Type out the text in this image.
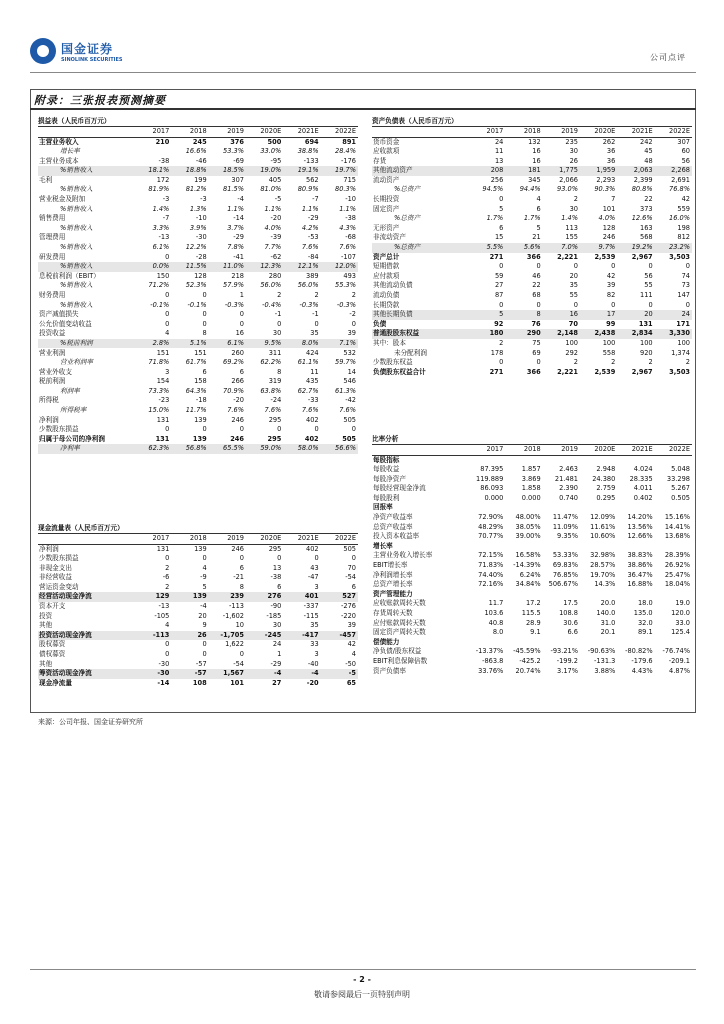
国金证券
SINOLINK SECURITIES	公司点评
附录：三张报表预测摘要
损益表（人民币百万元）
	2017	2018	2019	2020E	2021E	2022E
主营业务收入	210	245	376	500	694	891
增长率		16.6%	53.3%	33.0%	38.8%	28.4%
主营业务成本	-38	-46	-69	-95	-133	-176
%销售收入	18.1%	18.8%	18.5%	19.0%	19.1%	19.7%
毛利	172	199	307	405	562	715
%销售收入	81.9%	81.2%	81.5%	81.0%	80.9%	80.3%
营业税金及附加	-3	-3	-4	-5	-7	-10
%销售收入	1.4%	1.3%	1.1%	1.1%	1.1%	1.1%
销售费用	-7	-10	-14	-20	-29	-38
%销售收入	3.3%	3.9%	3.7%	4.0%	4.2%	4.3%
管理费用	-13	-30	-29	-39	-53	-68
%销售收入	6.1%	12.2%	7.8%	7.7%	7.6%	7.6%
研发费用	0	-28	-41	-62	-84	-107
%销售收入	0.0%	11.5%	11.0%	12.3%	12.1%	12.0%
息税前利润（EBIT）	150	128	218	280	389	493
%销售收入	71.2%	52.3%	57.9%	56.0%	56.0%	55.3%
财务费用	0	0	1	2	2	2
%销售收入	-0.1%	-0.1%	-0.3%	-0.4%	-0.3%	-0.3%
资产减值损失	0	0	0	-1	-1	-2
公允价值变动收益	0	0	0	0	0	0
投资收益	4	8	16	30	35	39
%税前利润	2.8%	5.1%	6.1%	9.5%	8.0%	7.1%
营业利润	151	151	260	311	424	532
营业利润率	71.8%	61.7%	69.2%	62.2%	61.1%	59.7%
营业外收支	3	6	6	8	11	14
税前利润	154	158	266	319	435	546
利润率	73.3%	64.3%	70.9%	63.8%	62.7%	61.3%
所得税	-23	-18	-20	-24	-33	-42
所得税率	15.0%	11.7%	7.6%	7.6%	7.6%	7.6%
净利润	131	139	246	295	402	505
少数股东损益	0	0	0	0	0	0
归属于母公司的净利润	131	139	246	295	402	505
净利率	62.3%	56.8%	65.5%	59.0%	58.0%	56.6%
现金流量表（人民币百万元）
	2017	2018	2019	2020E	2021E	2022E
净利润	131	139	246	295	402	505
少数股东损益	0	0	0	0	0	0
非现金支出	2	4	6	13	43	70
非经营收益	-6	-9	-21	-38	-47	-54
营运资金变动	2	5	8	6	3	6
经营活动现金净流	129	139	239	276	401	527
资本开支	-13	-4	-113	-90	-337	-276
投资	-105	20	-1,602	-185	-115	-220
其他	4	9	10	30	35	39
投资活动现金净流	-113	26	-1,705	-245	-417	-457
股权募资	0	0	1,622	24	33	42
债权募资	0	0	0	1	3	4
其他	-30	-57	-54	-29	-40	-50
筹资活动现金净流	-30	-57	1,567	-4	-4	-5
现金净流量	-14	108	101	27	-20	65
资产负债表（人民币百万元）
	2017	2018	2019	2020E	2021E	2022E
货币资金	24	132	235	262	242	307
应收款项	11	16	30	36	45	60
存货	13	16	26	36	48	56
其他流动资产	208	181	1,775	1,959	2,063	2,268
流动资产	256	345	2,066	2,293	2,399	2,691
%总资产	94.5%	94.4%	93.0%	90.3%	80.8%	76.8%
长期投资	0	4	2	7	22	42
固定资产	5	6	30	101	373	559
%总资产	1.7%	1.7%	1.4%	4.0%	12.6%	16.0%
无形资产	6	5	113	128	163	198
非流动资产	15	21	155	246	568	812
%总资产	5.5%	5.6%	7.0%	9.7%	19.2%	23.2%
资产总计	271	366	2,221	2,539	2,967	3,503
短期借款	0	0	0	0	0	0
应付款项	59	46	20	42	56	74
其他流动负债	27	22	35	39	55	73
流动负债	87	68	55	82	111	147
长期贷款	0	0	0	0	0	0
其他长期负债	5	8	16	17	20	24
负债	92	76	70	99	131	171
普通股股东权益	180	290	2,148	2,438	2,834	3,330
其中：股本	2	75	100	100	100	100
未分配利润	178	69	292	558	920	1,374
少数股东权益	0	0	2	2	2	2
负债股东权益合计	271	366	2,221	2,539	2,967	3,503
比率分析
	2017	2018	2019	2020E	2021E	2022E
每股指标						
每股收益	87.395	1.857	2.463	2.948	4.024	5.048
每股净资产	119.889	3.869	21.481	24.380	28.335	33.298
每股经营现金净流	86.093	1.858	2.390	2.759	4.011	5.267
每股股利	0.000	0.000	0.740	0.295	0.402	0.505
回报率						
净资产收益率	72.90%	48.00%	11.47%	12.09%	14.20%	15.16%
总资产收益率	48.29%	38.05%	11.09%	11.61%	13.56%	14.41%
投入资本收益率	70.77%	39.00%	9.35%	10.60%	12.66%	13.68%
增长率						
主营业务收入增长率	72.15%	16.58%	53.33%	32.98%	38.83%	28.39%
EBIT增长率	71.83%	-14.39%	69.83%	28.57%	38.86%	26.92%
净利润增长率	74.40%	6.24%	76.85%	19.70%	36.47%	25.47%
总资产增长率	72.16%	34.84%	506.67%	14.3%	16.88%	18.04%
资产管理能力						
应收账款周转天数	11.7	17.2	17.5	20.0	18.0	19.0
存货周转天数	103.6	115.5	108.8	140.0	135.0	120.0
应付账款周转天数	40.8	28.9	30.6	31.0	32.0	33.0
固定资产周转天数	8.0	9.1	6.6	20.1	89.1	125.4
偿债能力						
净负债/股东权益	-13.37%	-45.59%	-93.21%	-90.63%	-80.82%	-76.74%
EBIT利息保障倍数	-863.8	-425.2	-199.2	-131.3	-179.6	-209.1
资产负债率	33.76%	20.74%	3.17%	3.88%	4.43%	4.87%
来源：公司年报、国金证券研究所
- 2 -
敬请参阅最后一页特别声明
